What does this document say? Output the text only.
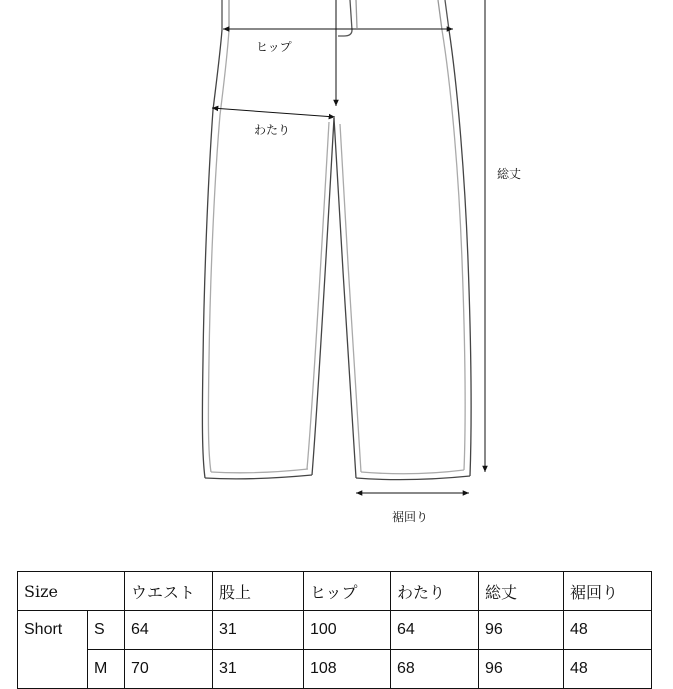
ヒップ
わたり
総丈
裾回り
Size		ウエスト	股上	ヒップ	わたり	総丈	裾回り
Short	S	64	31	100	64	96	48
	M	70	31	108	68	96	48
